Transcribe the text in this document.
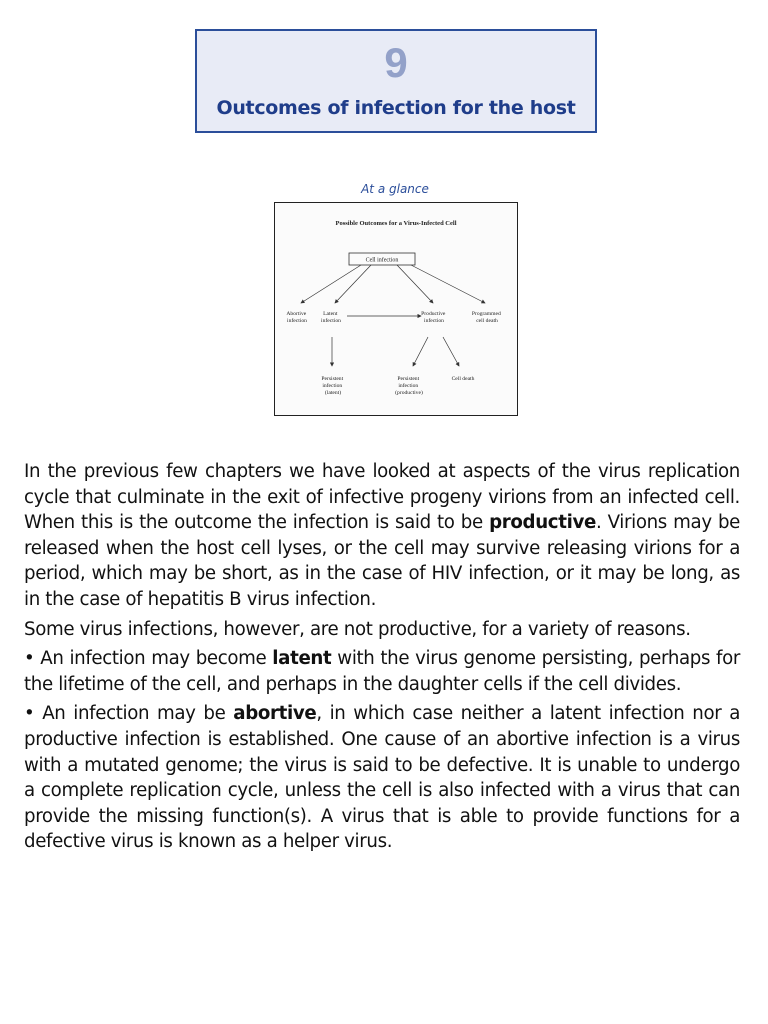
9
Outcomes of infection for the host
At a glance
Possible Outcomes for a Virus-Infected Cell
Cell infection
Abortive infection
Latent infection
Productive infection
Programmed cell death
Persistent infection (latent)
Persistent infection (productive)
Cell death

In the previous few chapters we have looked at aspects of the virus replication cycle that culminate in the exit of infective progeny virions from an infected cell. When this is the outcome the infection is said to be productive. Virions may be released when the host cell lyses, or the cell may survive releasing virions for a period, which may be short, as in the case of HIV infection, or it may be long, as in the case of hepatitis B virus infection.

Some virus infections, however, are not productive, for a variety of reasons.

• An infection may become latent with the virus genome persisting, perhaps for the lifetime of the cell, and perhaps in the daughter cells if the cell divides.

• An infection may be abortive, in which case neither a latent infection nor a productive infection is established. One cause of an abortive infection is a virus with a mutated genome; the virus is said to be defective. It is unable to undergo a complete replication cycle, unless the cell is also infected with a virus that can provide the missing function(s). A virus that is able to provide functions for a defective virus is known as a helper virus.
